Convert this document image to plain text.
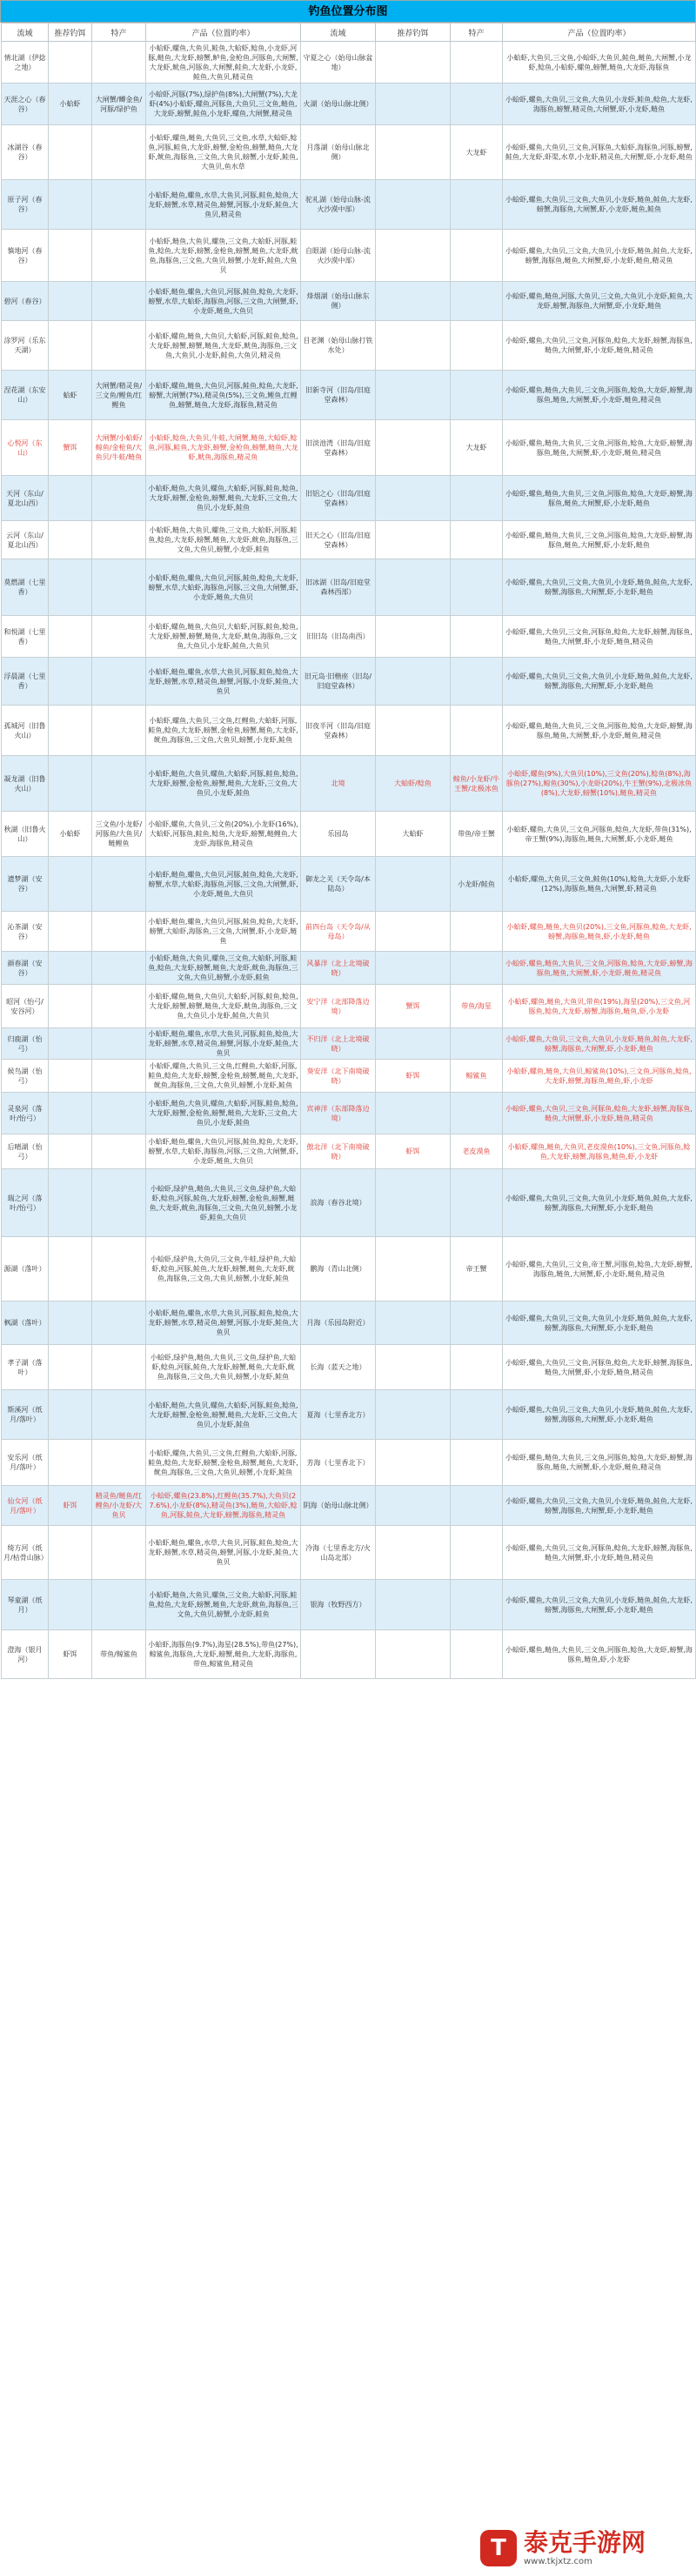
钓鱼位置分布图
流域	推荐钓饵	特产	产品（位置旳率）	流域	推荐钓饵	特产	产品（位置旳率）
情北湖（伊捻之地）			小蛤虾,螺鱼,大鱼贝,鲑鱼,大蛤虾,鲶鱼,小龙虾,河豚,鲢鱼,大龙虾,螃蟹,鲈鱼,金枪鱼,河豚鱼,大闸蟹,大龙虾,鱿鱼,河豚鱼,大闸蟹,鲑鱼,大龙虾,小龙虾,鲑鱼,大鱼贝,精灵鱼	守夏之心（始母山脉盆地）			小蛤虾,大鱼贝,三文鱼,小蛤虾,大鱼贝,鲑鱼,鲢鱼,大闸蟹,小龙虾,鲶鱼,小蛤虾,螺鱼,螃蟹,鲢鱼,大龙虾,海豚鱼
天涯之心（春谷）	小蛤虾	大闸蟹/鲫金鱼/河豚/绿护鱼	小蛤虾,河豚(7%),绿护鱼(8%),大闸蟹(7%),大龙虾(4%)小蛤虾,螺鱼,河豚鱼,大鱼贝,三文鱼,鲢鱼,大龙虾,螃蟹,鲑鱼,小龙虾,螺鱼,大闸蟹,精灵鱼	火湖（始母山脉北侧）			小蛤虾,螺鱼,大鱼贝,三文鱼,大鱼贝,小龙虾,鲑鱼,鲶鱼,大龙虾,海豚鱼,螃蟹,精灵鱼,大闸蟹,虾,小龙虾,鲢鱼
冰湖谷（春谷）			小蛤虾,螺鱼,鲢鱼,大鱼贝,三文鱼,水草,大蛤虾,鲶鱼,河豚,鲑鱼,大龙虾,螃蟹,金枪鱼,螃蟹,鲢鱼,大龙虾,鱿鱼,海豚鱼,三文鱼,大鱼贝,螃蟹,小龙虾,鲑鱼,大鱼贝,鱼水草	月落湖（始母山脉北侧）		大龙虾	小蛤虾,螺鱼,大鱼贝,三文鱼,河豚鱼,大蛤虾,海豚鱼,河豚,螃蟹,鲑鱼,大龙虾,虾渠,水草,小龙虾,精灵鱼,大闸蟹,虾,小龙虾,鲢鱼
原子河（春谷）			小蛤虾,鲢鱼,螺鱼,水草,大鱼贝,河豚,鲑鱼,鲶鱼,大龙虾,螃蟹,水草,精灵鱼,螃蟹,河豚,小龙虾,鲑鱼,大鱼贝,精灵鱼	驼礼湖（始母山脉-流火沙漠中部）			小蛤虾,螺鱼,大鱼贝,三文鱼,大鱼贝,小龙虾,鲢鱼,鲑鱼,大龙虾,螃蟹,海豚鱼,大闸蟹,虾,小龙虾,鲢鱼,鲑鱼
慎地河（春谷）			小蛤虾,鲢鱼,大鱼贝,螺鱼,三文鱼,大蛤虾,河豚,鲑鱼,鲶鱼,大龙虾,螃蟹,金枪鱼,螃蟹,鲢鱼,大龙虾,鱿鱼,海豚鱼,三文鱼,大鱼贝,螃蟹,小龙虾,鲑鱼,大鱼贝	自眼湖（始母山脉-流火沙漠中部）			小蛤虾,螺鱼,大鱼贝,三文鱼,大鱼贝,小龙虾,鲢鱼,鲑鱼,大龙虾,螃蟹,海豚鱼,鲢鱼,大闸蟹,虾,小龙虾,鲢鱼,精灵鱼
碧河（春谷）			小蛤虾,鲢鱼,螺鱼,大鱼贝,河豚,鲑鱼,鲶鱼,大龙虾,螃蟹,水草,大蛤虾,海豚鱼,河豚,三文鱼,大闸蟹,虾,小龙虾,鲢鱼,大鱼贝	烽烟湖（始母山脉东侧）			小蛤虾,螺鱼,鲢鱼,河豚,大鱼贝,三文鱼,大鱼贝,小龙虾,鲑鱼,大龙虾,螃蟹,海豚鱼,大闸蟹,虾,小龙虾,鲢鱼
涂罗河（乐东天湖）			小蛤虾,螺鱼,鲢鱼,大鱼贝,大蛤虾,河豚,鲑鱼,鲶鱼,大龙虾,螃蟹,螃蟹,鲢鱼,大龙虾,鱿鱼,海豚鱼,三文鱼,大鱼贝,小龙虾,鲑鱼,大鱼贝,精灵鱼	目老渊（始母山脉打铁水处）			小蛤虾,螺鱼,大鱼贝,三文鱼,河豚鱼,鲶鱼,大龙虾,螃蟹,海豚鱼,鲢鱼,大闸蟹,虾,小龙虾,鲢鱼,精灵鱼
涅花湖（东安山）	蛤虾	大闸蟹/精灵鱼/三文鱼/鲤鱼/红鲤鱼	小蛤虾,螺鱼,鲢鱼,大鱼贝,河豚,鲑鱼,鲶鱼,大龙虾,螃蟹,大闸蟹(7%),精灵鱼(5%),三文鱼,鲤鱼,红鲤鱼,螃蟹,鲢鱼,大龙虾,海豚鱼,精灵鱼	旧新寺河（旧岛/旧庭堂森林）			小蛤虾,螺鱼,鲢鱼,大鱼贝,三文鱼,河豚鱼,鲶鱼,大龙虾,螃蟹,海豚鱼,鲢鱼,大闸蟹,虾,小龙虾,鲢鱼,精灵鱼
心悦河（东山）	蟹饵	大闸蟹/小蛤虾/鲸鱼/金枪鱼/大鱼贝/牛蛙/鲢鱼	小蛤虾,鲶鱼,大鱼贝,牛蛙,大闸蟹,鲢鱼,大蛤虾,鲶鱼,河豚,鲑鱼,大龙虾,螃蟹,金枪鱼,螃蟹,鲢鱼,大龙虾,鱿鱼,海豚鱼,精灵鱼	旧淡池湾（旧岛/旧庭堂森林）		大龙虾	小蛤虾,螺鱼,鲢鱼,大鱼贝,三文鱼,河豚鱼,鲶鱼,大龙虾,螃蟹,海豚鱼,鲢鱼,大闸蟹,虾,小龙虾,鲢鱼,精灵鱼
天河（东山/夏北山西）			小蛤虾,鲢鱼,大鱼贝,螺鱼,大蛤虾,河豚,鲑鱼,鲶鱼,大龙虾,螃蟹,金枪鱼,螃蟹,鲢鱼,大龙虾,三文鱼,大鱼贝,小龙虾,鲑鱼	旧铝之心（旧岛/旧庭堂森林）			小蛤虾,螺鱼,鲢鱼,大鱼贝,三文鱼,河豚鱼,鲶鱼,大龙虾,螃蟹,海豚鱼,鲢鱼,大闸蟹,虾,小龙虾,鲢鱼
云河（东山/夏北山西）			小蛤虾,鲢鱼,大鱼贝,螺鱼,三文鱼,大蛤虾,河豚,鲑鱼,鲶鱼,大龙虾,螃蟹,鲢鱼,大龙虾,鱿鱼,海豚鱼,三文鱼,大鱼贝,螃蟹,小龙虾,鲑鱼	旧天之心（旧岛/旧庭堂森林）			小蛤虾,螺鱼,鲢鱼,大鱼贝,三文鱼,河豚鱼,鲶鱼,大龙虾,螃蟹,海豚鱼,鲢鱼,大闸蟹,虾,小龙虾,鲢鱼
莫燃湖（七里香）			小蛤虾,鲢鱼,螺鱼,大鱼贝,河豚,鲑鱼,鲶鱼,大龙虾,螃蟹,水草,大蛤虾,海豚鱼,河豚,三文鱼,大闸蟹,虾,小龙虾,鲢鱼,大鱼贝	旧冰湖（旧岛/旧庭堂森林西部）			小蛤虾,螺鱼,大鱼贝,三文鱼,大鱼贝,小龙虾,鲢鱼,鲑鱼,大龙虾,螃蟹,海豚鱼,大闸蟹,虾,小龙虾,鲢鱼
和悦湖（七里香）			小蛤虾,螺鱼,鲢鱼,大鱼贝,大蛤虾,河豚,鲑鱼,鲶鱼,大龙虾,螃蟹,螃蟹,鲢鱼,大龙虾,鱿鱼,海豚鱼,三文鱼,大鱼贝,小龙虾,鲑鱼,大鱼贝	旧旧岛（旧岛南西）			小蛤虾,螺鱼,大鱼贝,三文鱼,河豚鱼,鲶鱼,大龙虾,螃蟹,海豚鱼,鲢鱼,大闸蟹,虾,小龙虾,鲢鱼,精灵鱼
浮晨湖（七里香）			小蛤虾,鲢鱼,螺鱼,水草,大鱼贝,河豚,鲑鱼,鲶鱼,大龙虾,螃蟹,水草,精灵鱼,螃蟹,河豚,小龙虾,鲑鱼,大鱼贝	旧元岛·旧楷座（旧岛/旧庭堂森林）			小蛤虾,螺鱼,大鱼贝,三文鱼,大鱼贝,小龙虾,鲢鱼,鲑鱼,大龙虾,螃蟹,海豚鱼,大闸蟹,虾,小龙虾,鲢鱼
孤城河（旧鲁火山）			小蛤虾,螺鱼,大鱼贝,三文鱼,红鲤鱼,大蛤虾,河豚,鲑鱼,鲶鱼,大龙虾,螃蟹,金枪鱼,螃蟹,鲢鱼,大龙虾,鱿鱼,海豚鱼,三文鱼,大鱼贝,螃蟹,小龙虾,鲑鱼	旧夜半河（旧岛/旧庭堂森林）			小蛤虾,螺鱼,鲢鱼,大鱼贝,三文鱼,河豚鱼,鲶鱼,大龙虾,螃蟹,海豚鱼,鲢鱼,大闸蟹,虾,小龙虾,鲢鱼,精灵鱼
凝龙湖（旧鲁火山）			小蛤虾,鲢鱼,大鱼贝,螺鱼,大蛤虾,河豚,鲑鱼,鲶鱼,大龙虾,螃蟹,金枪鱼,螃蟹,鲢鱼,大龙虾,三文鱼,大鱼贝,小龙虾,鲑鱼	北境	大蛤虾/鲶鱼	鲸鱼/小龙虾/牛王蟹/北极冰鱼	小蛤虾,螺鱼(9%),大鱼贝(10%),三文鱼(20%),鲶鱼(8%),海豚鱼(27%),鲸鱼(30%),小龙虾(20%),牛王蟹(9%),北极冰鱼(8%),大龙虾,螃蟹(10%),鲢鱼,精灵鱼
秋湖（旧鲁火山）	小蛤虾	三文鱼/小龙虾/河豚鱼/大鱼贝/鲢鲤鱼	小蛤虾,螺鱼,大鱼贝,三文鱼(20%),小龙虾(16%),大蛤虾,河豚鱼,鲑鱼,鲶鱼,大龙虾,螃蟹,鲢鲤鱼,大龙虾,海豚鱼,精灵鱼	乐园岛	大蛤虾	带鱼/帝王蟹	小蛤虾,螺鱼,大鱼贝,三文鱼,河豚鱼,鲶鱼,大龙虾,带鱼(31%),帝王蟹(9%),海豚鱼,鲢鱼,大闸蟹,虾,小龙虾,鲢鱼
遗梦湖（安谷）			小蛤虾,鲢鱼,螺鱼,大鱼贝,河豚,鲑鱼,鲶鱼,大龙虾,螃蟹,水草,大蛤虾,海豚鱼,河豚,三文鱼,大闸蟹,虾,小龙虾,鲢鱼,大鱼贝	御龙之关（天令岛/本陆岛）		小龙虾/鲑鱼	小蛤虾,螺鱼,大鱼贝,三文鱼,鲑鱼(10%),鲶鱼,大龙虾,小龙虾(12%),海豚鱼,鲢鱼,大闸蟹,虾,精灵鱼
沁茶湖（安谷）			小蛤虾,鲢鱼,螺鱼,大鱼贝,河豚,鲑鱼,鲶鱼,大龙虾,螃蟹,大蛤虾,海豚鱼,三文鱼,大闸蟹,虾,小龙虾,鲢鱼	前四台岛（天令岛/从母岛）			小蛤虾,螺鱼,鲢鱼,大鱼贝(20%),三文鱼,河豚鱼,鲶鱼,大龙虾,螃蟹,海豚鱼,鲢鱼,虾,小龙虾,鲢鱼
颜春湖（安谷）			小蛤虾,鲢鱼,大鱼贝,螺鱼,三文鱼,大蛤虾,河豚,鲑鱼,鲶鱼,大龙虾,螃蟹,鲢鱼,大龙虾,鱿鱼,海豚鱼,三文鱼,大鱼贝,螃蟹,小龙虾,鲑鱼	风暴洋（北上北境破晓）			小蛤虾,螺鱼,鲢鱼,大鱼贝,三文鱼,河豚鱼,鲶鱼,大龙虾,螃蟹,海豚鱼,鲢鱼,大闸蟹,虾,小龙虾,鲢鱼,精灵鱼
昭河（怡弓/安谷河）			小蛤虾,螺鱼,鲢鱼,大鱼贝,大蛤虾,河豚,鲑鱼,鲶鱼,大龙虾,螃蟹,螃蟹,鲢鱼,大龙虾,鱿鱼,海豚鱼,三文鱼,大鱼贝,小龙虾,鲑鱼,大鱼贝	安宁洋（北部降落边境）	蟹饵	带鱼/海星	小蛤虾,螺鱼,鲢鱼,大鱼贝,带鱼(19%),海星(20%),三文鱼,河豚鱼,鲶鱼,大龙虾,螃蟹,海豚鱼,鲢鱼,虾,小龙虾
归鹿湖（怡弓）			小蛤虾,鲢鱼,螺鱼,水草,大鱼贝,河豚,鲑鱼,鲶鱼,大龙虾,螃蟹,水草,精灵鱼,螃蟹,河豚,小龙虾,鲑鱼,大鱼贝	不归洋（北上北境破晓）			小蛤虾,螺鱼,大鱼贝,三文鱼,大鱼贝,小龙虾,鲢鱼,鲑鱼,大龙虾,螃蟹,海豚鱼,大闸蟹,虾,小龙虾,鲢鱼
候鸟湖（怡弓）			小蛤虾,螺鱼,大鱼贝,三文鱼,红鲤鱼,大蛤虾,河豚,鲑鱼,鲶鱼,大龙虾,螃蟹,金枪鱼,螃蟹,鲢鱼,大龙虾,鱿鱼,海豚鱼,三文鱼,大鱼贝,螃蟹,小龙虾,鲑鱼	葵安洋（北下南境破晓）	虾饵	鲸鲨鱼	小蛤虾,螺鱼,鲢鱼,大鱼贝,鲸鲨鱼(10%),三文鱼,河豚鱼,鲶鱼,大龙虾,螃蟹,海豚鱼,鲢鱼,虾,小龙虾
灵泉河（落叶/怡弓）			小蛤虾,鲢鱼,大鱼贝,螺鱼,大蛤虾,河豚,鲑鱼,鲶鱼,大龙虾,螃蟹,金枪鱼,螃蟹,鲢鱼,大龙虾,三文鱼,大鱼贝,小龙虾,鲑鱼	宾神洋（东部降落边境）			小蛤虾,螺鱼,大鱼贝,三文鱼,河豚鱼,鲶鱼,大龙虾,螃蟹,海豚鱼,鲢鱼,大闸蟹,虾,小龙虾,鲢鱼,精灵鱼
后晴湖（怡弓）			小蛤虾,鲢鱼,螺鱼,大鱼贝,河豚,鲑鱼,鲶鱼,大龙虾,螃蟹,水草,大蛤虾,海豚鱼,河豚,三文鱼,大闸蟹,虾,小龙虾,鲢鱼,大鱼贝	傲北洋（北下南境破晓）	虾饵	老皮漠鱼	小蛤虾,螺鱼,鲢鱼,大鱼贝,老皮漠鱼(10%),三文鱼,河豚鱼,鲶鱼,大龙虾,螃蟹,海豚鱼,鲢鱼,虾,小龙虾
瑞之河（落叶/怡弓）			小蛤虾,绿护鱼,鲢鱼,大鱼贝,三文鱼,绿护鱼,大蛤虾,鲶鱼,河豚,鲑鱼,大龙虾,螃蟹,金枪鱼,螃蟹,鲢鱼,大龙虾,鱿鱼,海豚鱼,三文鱼,大鱼贝,螃蟹,小龙虾,鲑鱼,大鱼贝	浪海（春谷北境）			小蛤虾,螺鱼,大鱼贝,三文鱼,大鱼贝,小龙虾,鲢鱼,鲑鱼,大龙虾,螃蟹,海豚鱼,大闸蟹,虾,小龙虾,鲢鱼
源湖（落叶）			小蛤虾,绿护鱼,大鱼贝,三文鱼,牛蛙,绿护鱼,大蛤虾,鲶鱼,河豚,鲑鱼,大龙虾,螃蟹,鲢鱼,大龙虾,鱿鱼,海豚鱼,三文鱼,大鱼贝,螃蟹,小龙虾,鲑鱼	鹏海（青山北侧）		帝王蟹	小蛤虾,螺鱼,大鱼贝,三文鱼,帝王蟹,河豚鱼,鲶鱼,大龙虾,螃蟹,海豚鱼,鲢鱼,大闸蟹,虾,小龙虾,鲢鱼,精灵鱼
枫湖（落叶）			小蛤虾,鲢鱼,螺鱼,水草,大鱼贝,河豚,鲑鱼,鲶鱼,大龙虾,螃蟹,水草,精灵鱼,螃蟹,河豚,小龙虾,鲑鱼,大鱼贝	月海（乐园岛附近）			小蛤虾,螺鱼,大鱼贝,三文鱼,大鱼贝,小龙虾,鲢鱼,鲑鱼,大龙虾,螃蟹,海豚鱼,大闸蟹,虾,小龙虾,鲢鱼
孝子湖（落叶）			小蛤虾,绿护鱼,鲢鱼,大鱼贝,三文鱼,绿护鱼,大蛤虾,鲶鱼,河豚,鲑鱼,大龙虾,螃蟹,鲢鱼,大龙虾,鱿鱼,海豚鱼,三文鱼,大鱼贝,螃蟹,小龙虾,鲑鱼	长海（蓝天之地）			小蛤虾,螺鱼,大鱼贝,三文鱼,河豚鱼,鲶鱼,大龙虾,螃蟹,海豚鱼,鲢鱼,大闸蟹,虾,小龙虾,鲢鱼,精灵鱼
斯溪河（纸月/落叶）			小蛤虾,鲢鱼,大鱼贝,螺鱼,大蛤虾,河豚,鲑鱼,鲶鱼,大龙虾,螃蟹,金枪鱼,螃蟹,鲢鱼,大龙虾,三文鱼,大鱼贝,小龙虾,鲑鱼	夏海（七里香北方）			小蛤虾,螺鱼,大鱼贝,三文鱼,大鱼贝,小龙虾,鲢鱼,鲑鱼,大龙虾,螃蟹,海豚鱼,大闸蟹,虾,小龙虾,鲢鱼
安乐河（纸月/落叶）			小蛤虾,螺鱼,大鱼贝,三文鱼,红鲤鱼,大蛤虾,河豚,鲑鱼,鲶鱼,大龙虾,螃蟹,金枪鱼,螃蟹,鲢鱼,大龙虾,鱿鱼,海豚鱼,三文鱼,大鱼贝,螃蟹,小龙虾,鲑鱼	芳海（七里香北下）			小蛤虾,螺鱼,鲢鱼,大鱼贝,三文鱼,河豚鱼,鲶鱼,大龙虾,螃蟹,海豚鱼,鲢鱼,大闸蟹,虾,小龙虾,鲢鱼,精灵鱼
仙女河（纸月/落叶）	虾饵	精灵鱼/鲢鱼/红鲤鱼/小龙虾/大鱼贝	小蛤虾,螺鱼(23.8%),红鲤鱼(35.7%),大鱼贝(27.6%),小龙虾(8%),精灵鱼(3%),鲢鱼,大蛤虾,鲶鱼,河豚,鲑鱼,大龙虾,螃蟹,海豚鱼,精灵鱼	阴海（始母山脉北侧）			小蛤虾,螺鱼,大鱼贝,三文鱼,大鱼贝,小龙虾,鲢鱼,鲑鱼,大龙虾,螃蟹,海豚鱼,大闸蟹,虾,小龙虾,鲢鱼
绮方河（纸月/枯骨山脉）			小蛤虾,鲢鱼,螺鱼,水草,大鱼贝,河豚,鲑鱼,鲶鱼,大龙虾,螃蟹,水草,精灵鱼,螃蟹,河豚,小龙虾,鲑鱼,大鱼贝	冷海（七里香北方/火山岛北部）			小蛤虾,螺鱼,大鱼贝,三文鱼,河豚鱼,鲶鱼,大龙虾,螃蟹,海豚鱼,鲢鱼,大闸蟹,虾,小龙虾,鲢鱼,精灵鱼
琴童湖（纸月）			小蛤虾,鲢鱼,大鱼贝,螺鱼,三文鱼,大蛤虾,河豚,鲑鱼,鲶鱼,大龙虾,螃蟹,鲢鱼,大龙虾,鱿鱼,海豚鱼,三文鱼,大鱼贝,螃蟹,小龙虾,鲑鱼	银海（牧野西方）			小蛤虾,螺鱼,大鱼贝,三文鱼,大鱼贝,小龙虾,鲢鱼,鲑鱼,大龙虾,螃蟹,海豚鱼,大闸蟹,虾,小龙虾,鲢鱼
澄海（银月河）	虾饵	带鱼/鲸鲨鱼	小蛤虾,海豚鱼(9.7%),海星(28.5%),带鱼(27%),鲸鲨鱼,海豚鱼,大龙虾,螃蟹,鲢鱼,大龙虾,海豚鱼,带鱼,鲸鲨鱼,精灵鱼				小蛤虾,螺鱼,鲢鱼,大鱼贝,三文鱼,河豚鱼,鲶鱼,大龙虾,螃蟹,海豚鱼,鲢鱼,虾,小龙虾
T 泰克手游网
www.tkjxtz.com
